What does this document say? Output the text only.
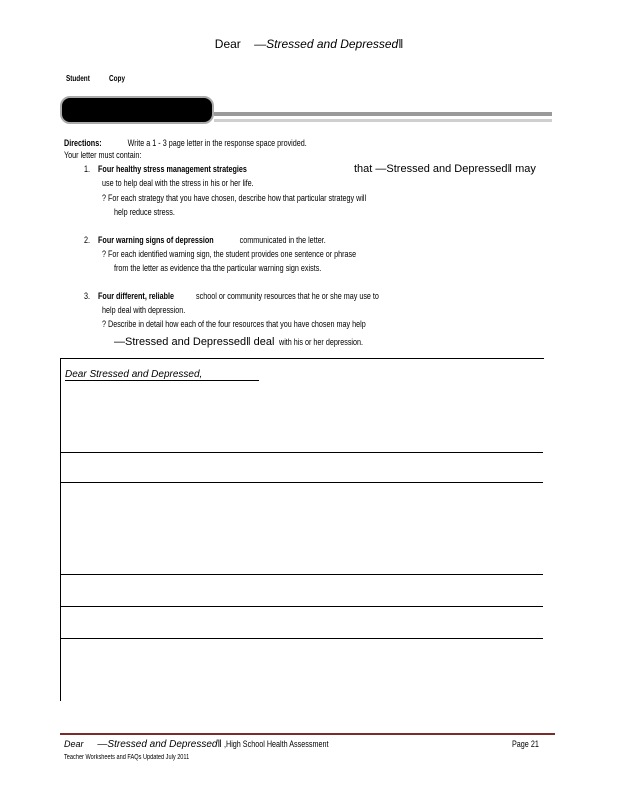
Dear —Stressed and Depressed‖
Student Copy
Directions:	Write a 1 - 3 page letter in the response space provided.
Your letter must contain:
1. Four healthy stress management strategies	that —Stressed and Depressed‖ may
use to help deal with the stress in his or her life.
? For each strategy that you have chosen, describe how that particular strategy will
help reduce stress.
2. Four warning signs of depression	communicated in the letter.
? For each identified warning sign, the student provides one sentence or phrase
from the letter as evidence tha tthe particular warning sign exists.
3. Four different, reliable school or community resources that he or she may use to
help deal with depression.
? Describe in detail how each of the four resources that you have chosen may help
—Stressed and Depressed‖ deal with his or her depression.
Dear Stressed and Depressed,
Dear —Stressed and Depressed‖ ,High School Health Assessment	Page 21
Teacher Worksheets and FAQs Updated July 2011
